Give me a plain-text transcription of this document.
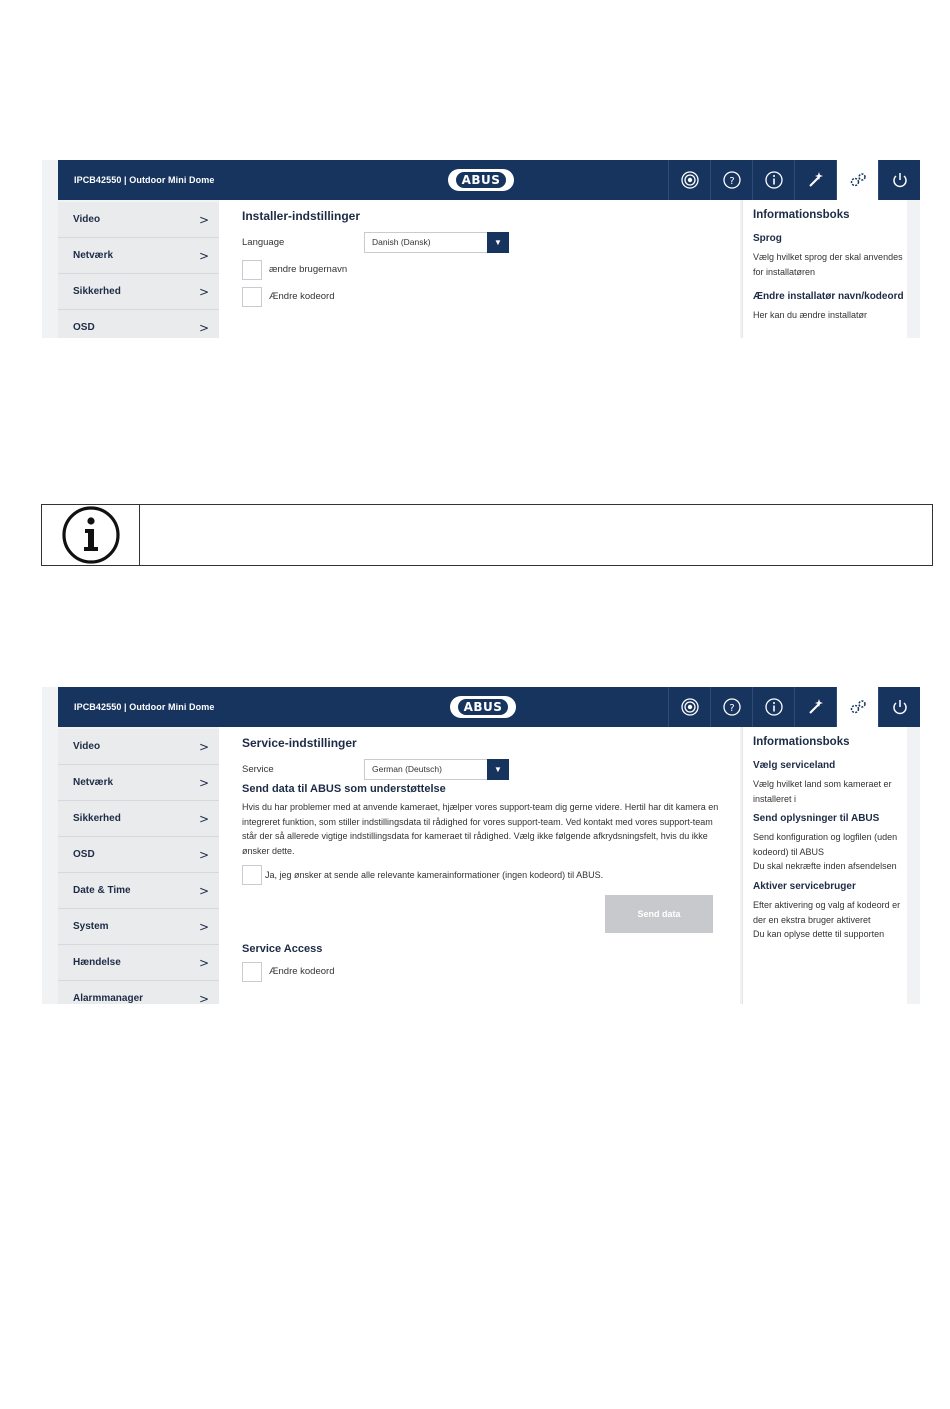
IPCB42550 | Outdoor Mini Dome	ABUS	?
Video	>
Netværk	>
Sikkerhed	>
OSD	>
Installer-indstillinger
Language	Danish (Dansk)	▼
ændre brugernavn
Ændre kodeord
Informationsboks
Sprog
Vælg hvilket sprog der skal anvendes for installatøren
Ændre installatør navn/kodeord
Her kan du ændre installatør
IPCB42550 | Outdoor Mini Dome	ABUS	?
Video	>
Netværk	>
Sikkerhed	>
OSD	>
Date & Time	>
System	>
Hændelse	>
Alarmmanager	>
Service-indstillinger
Service	German (Deutsch)	▼
Send data til ABUS som understøttelse
Hvis du har problemer med at anvende kameraet, hjælper vores support-team dig gerne videre. Hertil har dit kamera en integreret funktion, som stiller indstillingsdata til rådighed for vores support-team. Ved kontakt med vores support-team står der så allerede vigtige indstillingsdata for kameraet til rådighed. Vælg ikke følgende afkrydsningsfelt, hvis du ikke ønsker dette.
Ja, jeg ønsker at sende alle relevante kamerainformationer (ingen kodeord) til ABUS.
Send data
Service Access
Ændre kodeord
Informationsboks
Vælg serviceland
Vælg hvilket land som kameraet er installeret i
Send oplysninger til ABUS
Send konfiguration og logfilen (uden kodeord) til ABUS
Du skal nekræfte inden afsendelsen
Aktiver servicebruger
Efter aktivering og valg af kodeord er der en ekstra bruger aktiveret
Du kan oplyse dette til supporten
